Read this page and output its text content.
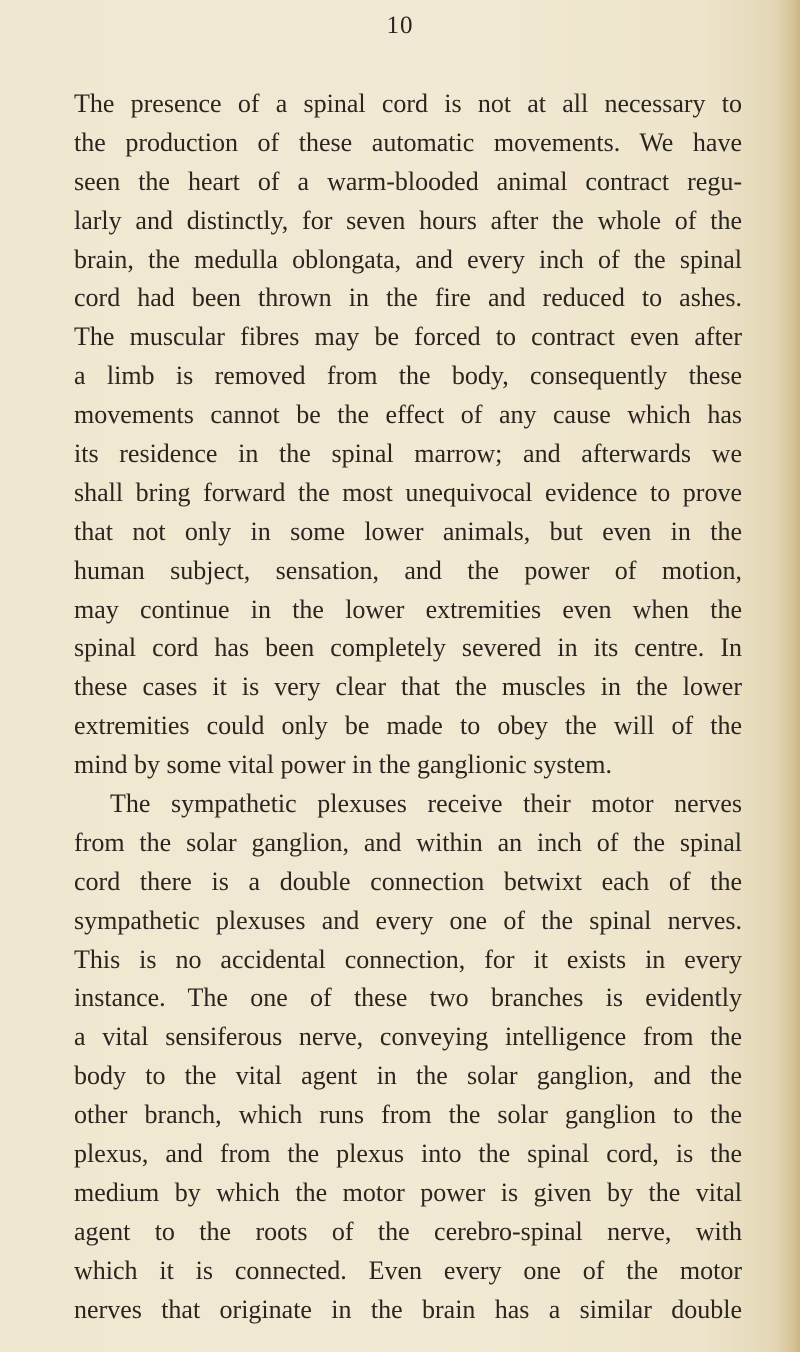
10
The presence of a spinal cord is not at all necessary to
the production of these automatic movements. We have
seen the heart of a warm-blooded animal contract regu-
larly and distinctly, for seven hours after the whole of the
brain, the medulla oblongata, and every inch of the spinal
cord had been thrown in the fire and reduced to ashes.
The muscular fibres may be forced to contract even after
a limb is removed from the body, consequently these
movements cannot be the effect of any cause which has
its residence in the spinal marrow; and afterwards we
shall bring forward the most unequivocal evidence to prove
that not only in some lower animals, but even in the
human subject, sensation, and the power of motion,
may continue in the lower extremities even when the
spinal cord has been completely severed in its centre. In
these cases it is very clear that the muscles in the lower
extremities could only be made to obey the will of the
mind by some vital power in the ganglionic system.
The sympathetic plexuses receive their motor nerves
from the solar ganglion, and within an inch of the spinal
cord there is a double connection betwixt each of the
sympathetic plexuses and every one of the spinal nerves.
This is no accidental connection, for it exists in every
instance. The one of these two branches is evidently
a vital sensiferous nerve, conveying intelligence from the
body to the vital agent in the solar ganglion, and the
other branch, which runs from the solar ganglion to the
plexus, and from the plexus into the spinal cord, is the
medium by which the motor power is given by the vital
agent to the roots of the cerebro-spinal nerve, with
which it is connected. Even every one of the motor
nerves that originate in the brain has a similar double
